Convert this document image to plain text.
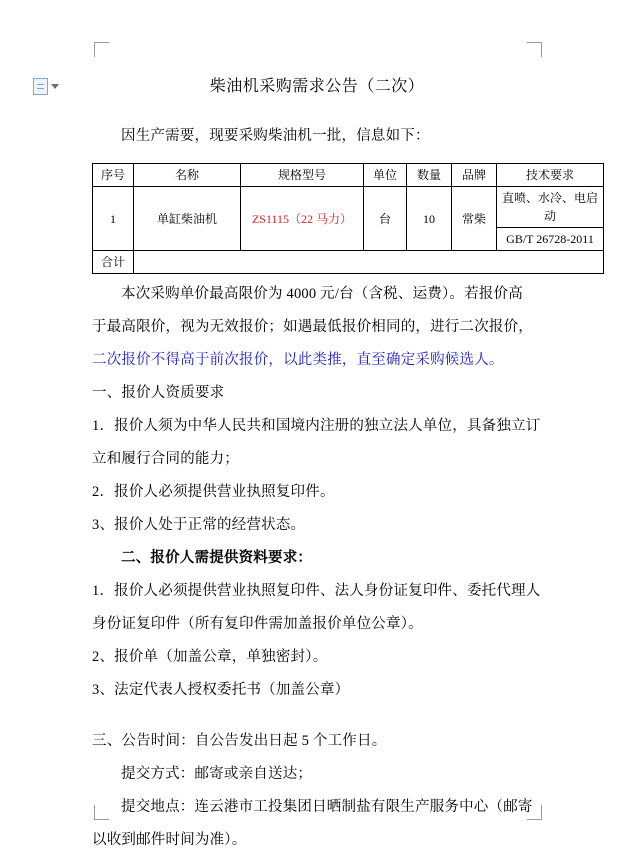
柴油机采购需求公告（二次）

因生产需要，现要采购柴油机一批，信息如下：

序号	名称	规格型号	单位	数量	品牌	技术要求
1	单缸柴油机	ZS1115（22 马力）	台	10	常柴	直喷、水冷、电启动
						GB/T 26728-2011
合计						

本次采购单价最高限价为 4000 元/台（含税、运费）。若报价高

于最高限价，视为无效报价；如遇最低报价相同的，进行二次报价，

二次报价不得高于前次报价，以此类推，直至确定采购候选人。

一、报价人资质要求

1．报价人须为中华人民共和国境内注册的独立法人单位，具备独立订立和履行合同的能力；

2．报价人必须提供营业执照复印件。

3、报价人处于正常的经营状态。

二、报价人需提供资料要求：

1．报价人必须提供营业执照复印件、法人身份证复印件、委托代理人身份证复印件（所有复印件需加盖报价单位公章）。

2、报价单（加盖公章，单独密封）。

3、法定代表人授权委托书（加盖公章）

三、公告时间：自公告发出日起 5 个工作日。

提交方式：邮寄或亲自送达；

提交地点：连云港市工投集团日晒制盐有限生产服务中心（邮寄以收到邮件时间为准）。
